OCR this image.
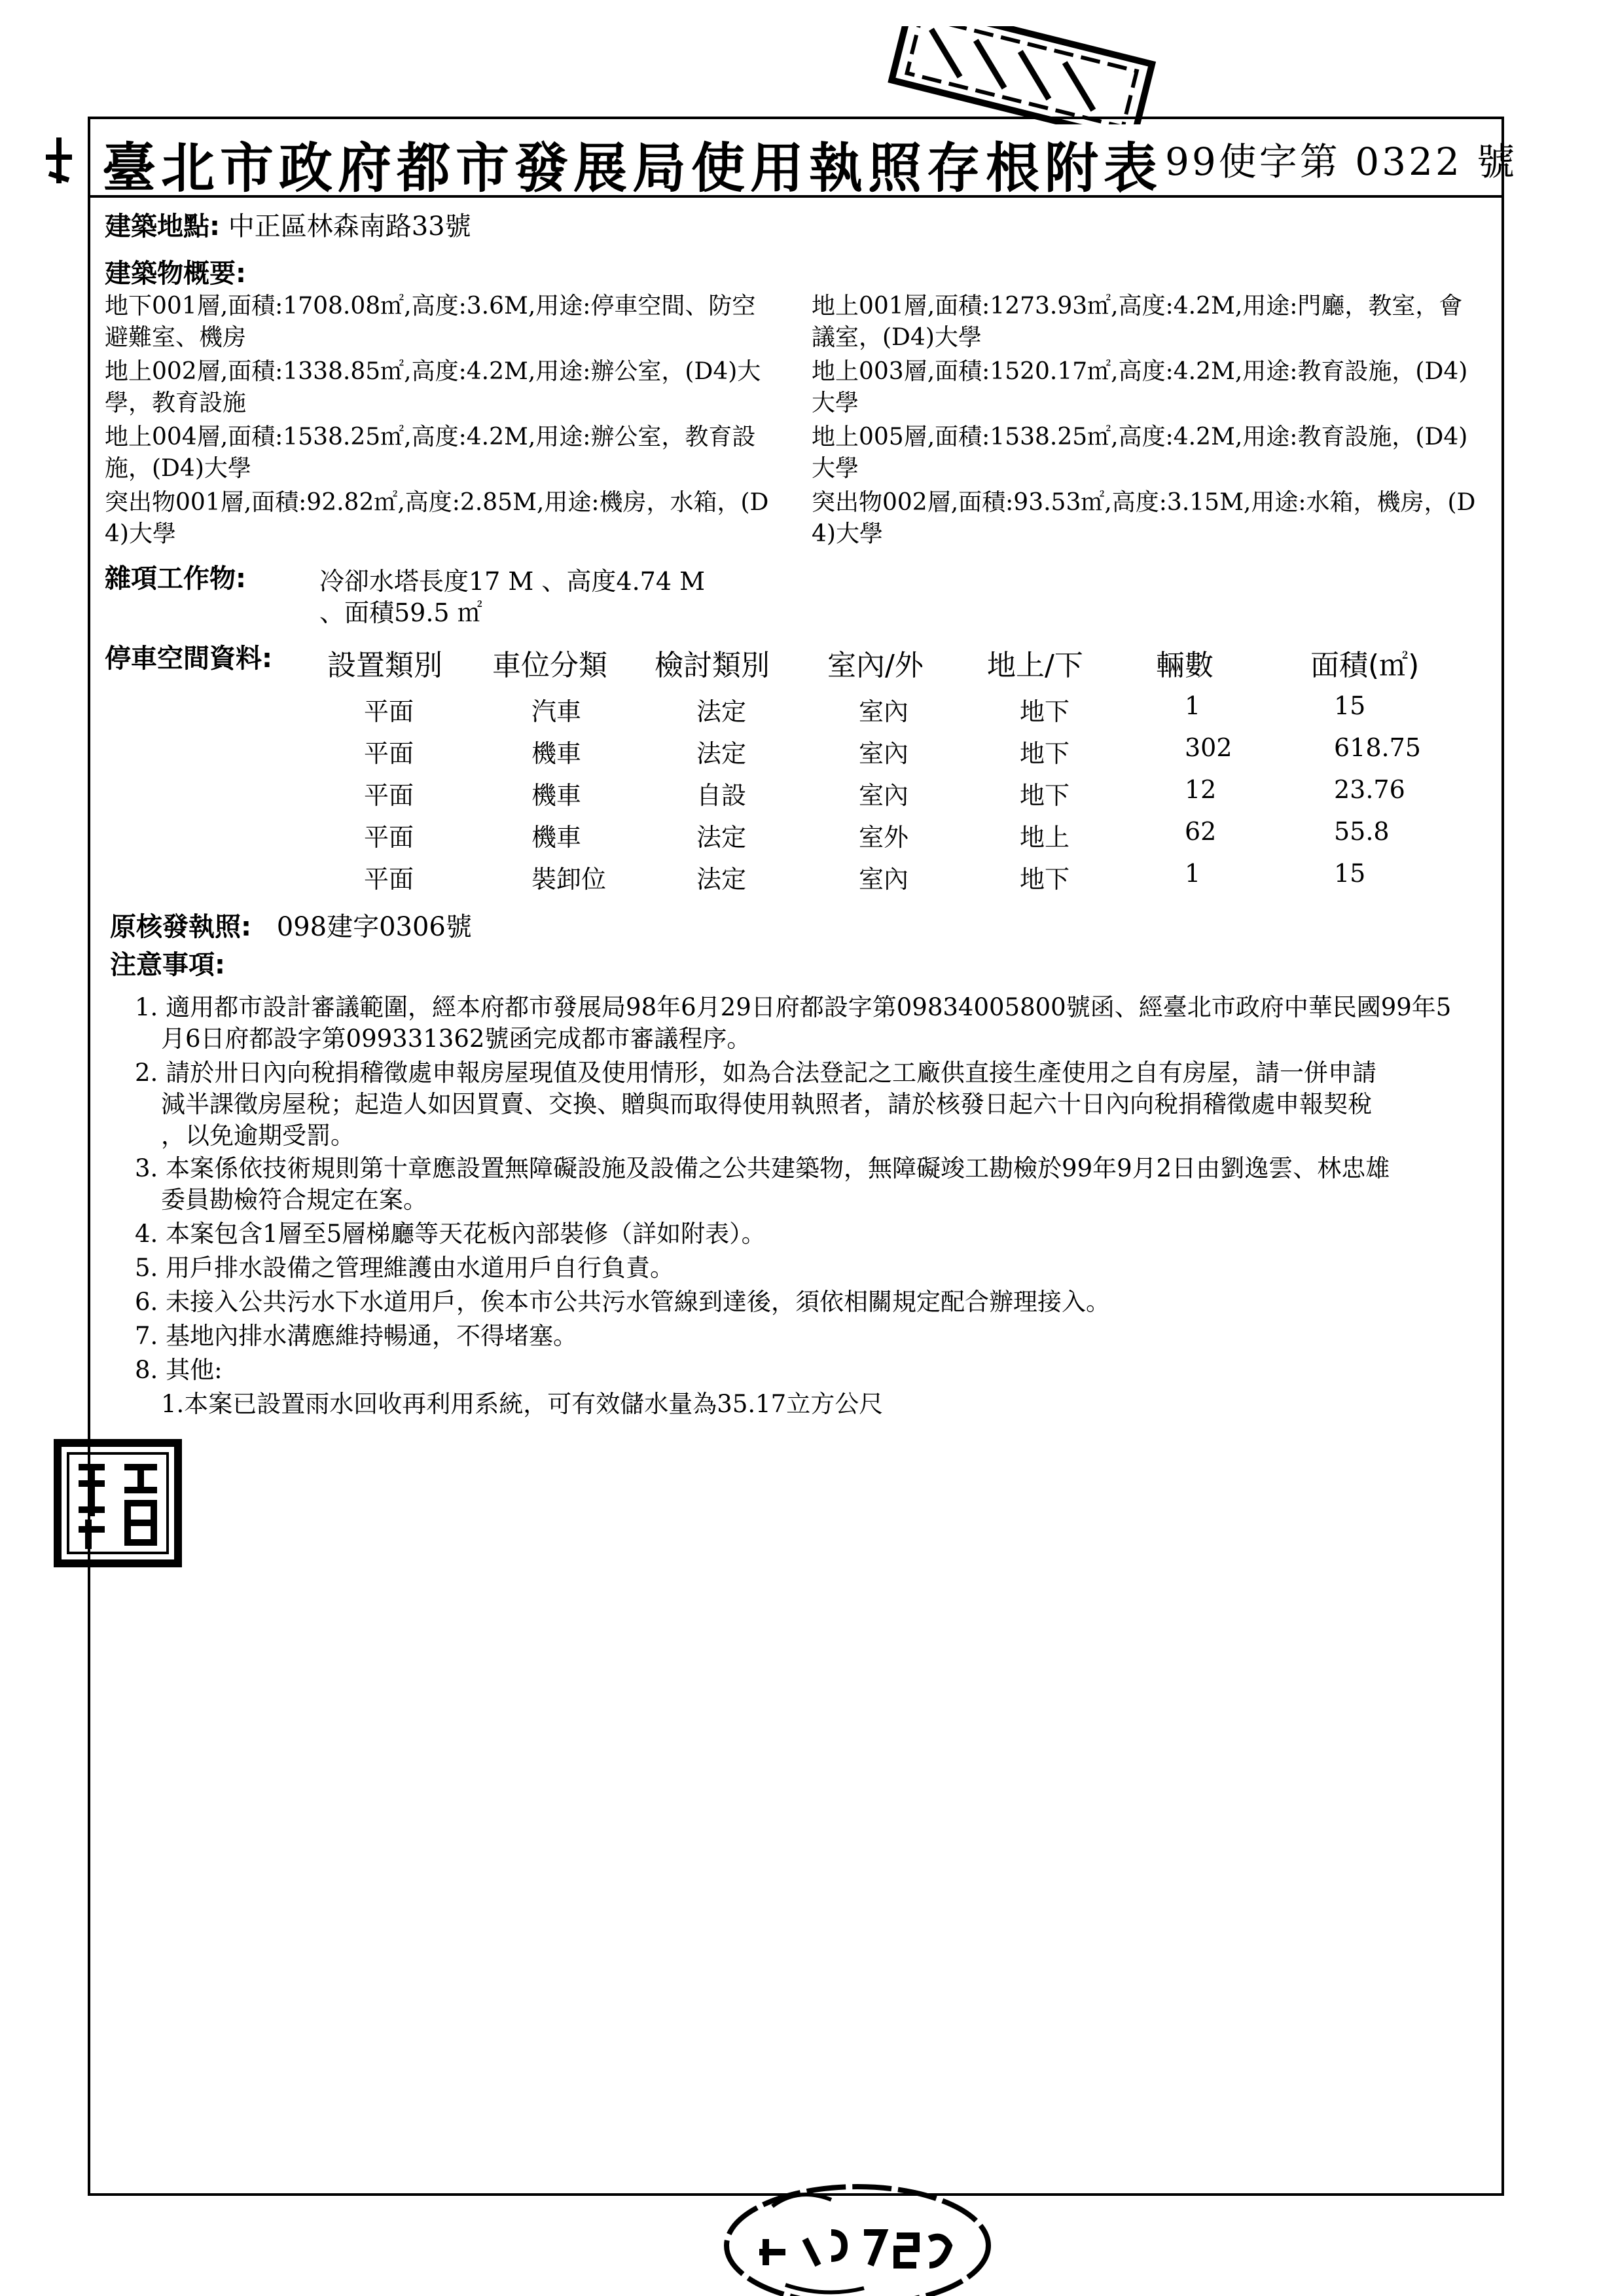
臺北市政府都市發展局使用執照存根附表 99使字第 0322 號
建築地點: 中正區林森南路33號
建築物概要:
地下001層,面積:1708.08㎡,高度:3.6M,用途:停車空間、防空
避難室、機房
地上002層,面積:1338.85㎡,高度:4.2M,用途:辦公室，(D4)大
學，教育設施
地上004層,面積:1538.25㎡,高度:4.2M,用途:辦公室，教育設
施，(D4)大學
突出物001層,面積:92.82㎡,高度:2.85M,用途:機房，水箱，(D
4)大學
地上001層,面積:1273.93㎡,高度:4.2M,用途:門廳，教室，會
議室，(D4)大學
地上003層,面積:1520.17㎡,高度:4.2M,用途:教育設施，(D4)
大學
地上005層,面積:1538.25㎡,高度:4.2M,用途:教育設施，(D4)
大學
突出物002層,面積:93.53㎡,高度:3.15M,用途:水箱，機房，(D
4)大學
雜項工作物:	冷卻水塔長度17 M 、高度4.74 M
、面積59.5 ㎡
停車空間資料: 設置類別 車位分類 檢討類別 室內/外 地上/下	輛數	面積(㎡)
平面	汽車	法定	室內	地下	1	15
平面	機車	法定	室內	地下	302	618.75
平面	機車	自設	室內	地下	12	23.76
平面	機車	法定	室外	地上	62	55.8
平面	裝卸位	法定	室內	地下	1	15
原核發執照: 098建字0306號
注意事項:
1. 適用都市設計審議範圍，經本府都市發展局98年6月29日府都設字第09834005800號函、經臺北市政府中華民國99年5
月6日府都設字第099331362號函完成都市審議程序。
2. 請於卅日內向稅捐稽徵處申報房屋現值及使用情形，如為合法登記之工廠供直接生產使用之自有房屋，請一併申請
減半課徵房屋稅；起造人如因買賣、交換、贈與而取得使用執照者，請於核發日起六十日內向稅捐稽徵處申報契稅
，以免逾期受罰。
3. 本案係依技術規則第十章應設置無障礙設施及設備之公共建築物，無障礙竣工勘檢於99年9月2日由劉逸雲、林忠雄
委員勘檢符合規定在案。
4. 本案包含1層至5層梯廳等天花板內部裝修（詳如附表）。
5. 用戶排水設備之管理維護由水道用戶自行負責。
6. 未接入公共污水下水道用戶，俟本市公共污水管線到達後，須依相關規定配合辦理接入。
7. 基地內排水溝應維持暢通，不得堵塞。
8. 其他:
1.本案已設置雨水回收再利用系統，可有效儲水量為35.17立方公尺
